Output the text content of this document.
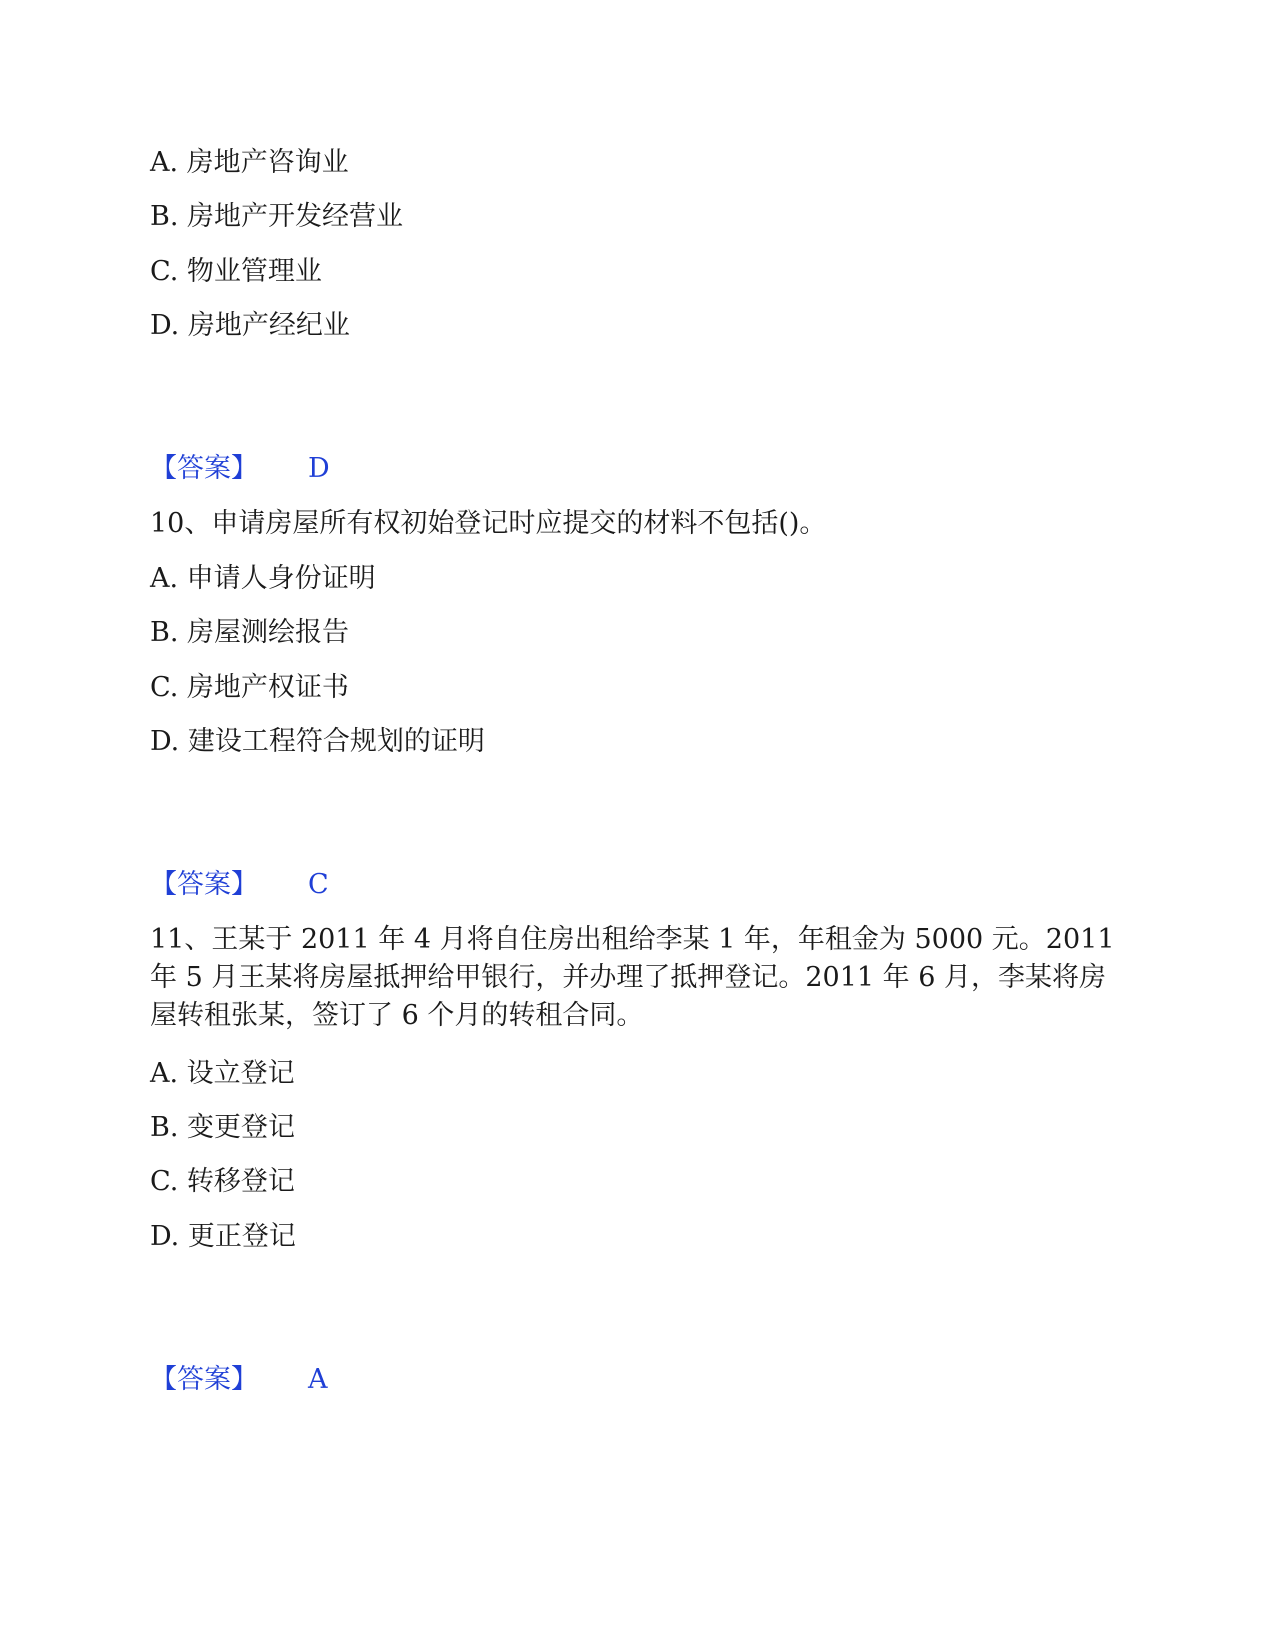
A. 房地产咨询业
B. 房地产开发经营业
C. 物业管理业
D. 房地产经纪业
【答案】 D
10、申请房屋所有权初始登记时应提交的材料不包括()。
A. 申请人身份证明
B. 房屋测绘报告
C. 房地产权证书
D. 建设工程符合规划的证明
【答案】 C
11、王某于 2011 年 4 月将自住房出租给李某 1 年，年租金为 5000 元。2011 年 5 月王某将房屋抵押给甲银行，并办理了抵押登记。2011 年 6 月，李某将房屋转租张某，签订了 6 个月的转租合同。
A. 设立登记
B. 变更登记
C. 转移登记
D. 更正登记
【答案】 A
